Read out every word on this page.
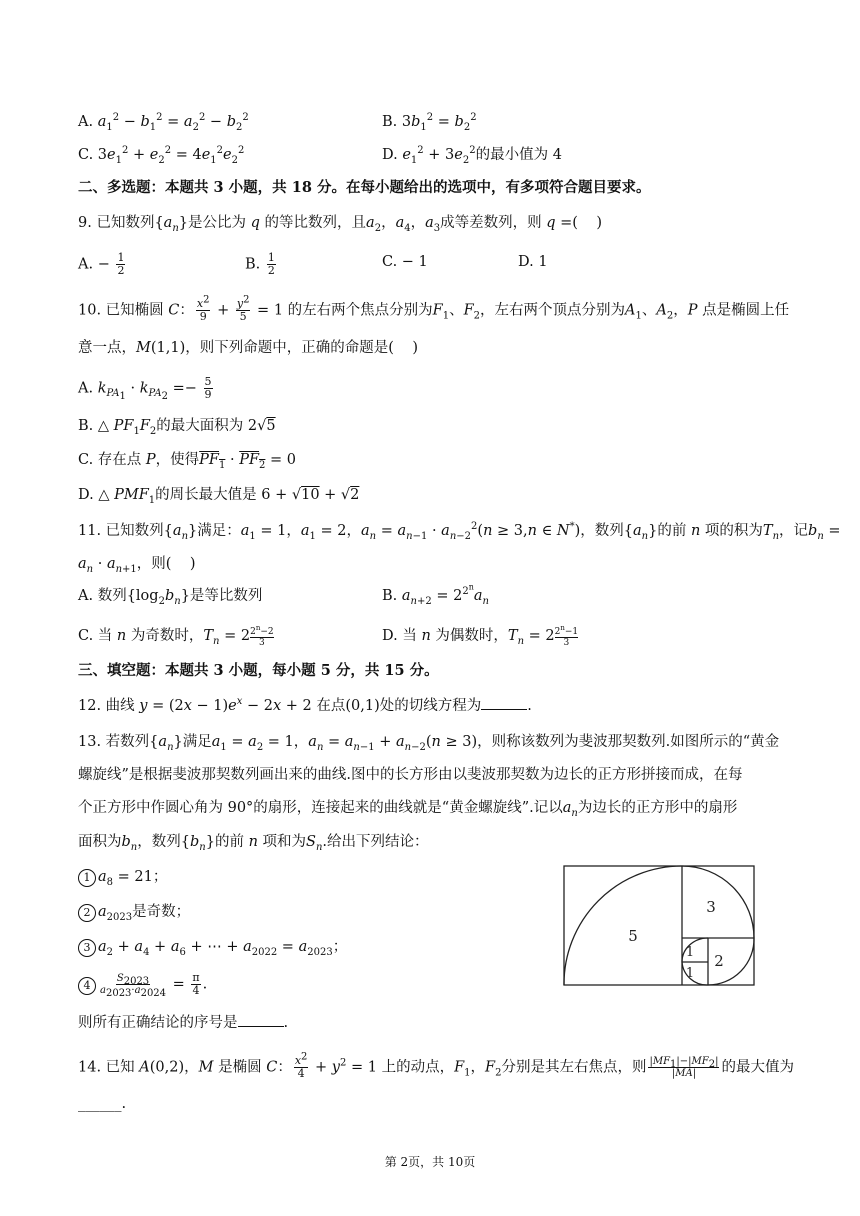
A. $a_1^2 - b_1^2 = a_2^2 - b_2^2$	B. $3b_1^2 = b_2^2$
C. $3e_1^2 + e_2^2 = 4e_1^2e_2^2$	D. $e_1^2 + 3e_2^2$的最小值为 4
二、多选题：本题共 3 小题，共 18 分。在每小题给出的选项中，有多项符合题目要求。
9. 已知数列$\{a_n\}$是公比为 q 的等比数列，且$a_2$，$a_4$，$a_3$成等差数列，则 q =(    )
A. − $\frac{1}{2}$	B. $\frac{1}{2}$	C. − 1	D. 1
10. 已知椭圆 C： $\frac{x^2}{9} + \frac{y^2}{5} = 1$ 的左右两个焦点分别为$F_1$、$F_2$，左右两个顶点分别为$A_1$、$A_2$，P 点是椭圆上任
意一点，M(1,1)，则下列命题中，正确的命题是(    )
A. $k_{PA_1} \cdot k_{PA_2} =- \frac{5}{9}$
B. △ $PF_1F_2$的最大面积为 2√5
C. 存在点 P，使得$PF_1 \cdot PF_2 = 0$
D. △ $PMF_1$的周长最大值是 6 + √10 + √2
11. 已知数列$\{a_n\}$满足：$a_1 = 1$，$a_1 = 2$，$a_n = a_{n-1} \cdot a_{n-2}^2(n \ge 3,n$ ∈ N*)，数列$\{a_n\}$的前 n 项的积为$T_n$，记$b_n$ =
$a_n \cdot a_{n+1}$，则(    )
A. 数列$\{\log_2b_n\}$是等比数列	B. $a_{n+2} = 2^{2^n}a_n$
C. 当 n 为奇数时，$T_n = 2 \frac{2^n-2}{3}$	D. 当 n 为偶数时，$T_n = 2 \frac{2^n-1}{3}$
三、填空题：本题共 3 小题，每小题 5 分，共 15 分。
12. 曲线 $y = (2x - 1)e^x - 2x + 2$ 在点(0,1)处的切线方程为	.
13. 若数列$\{a_n\}$满足$a_1 = a_2 = 1$，$a_n = a_{n-1} + a_{n-2}(n \ge 3)$，则称该数列为斐波那契数列.如图所示的“黄金
螺旋线”是根据斐波那契数列画出来的曲线.图中的长方形由以斐波那契数为边长的正方形拼接而成，在每
个正方形中作圆心角为 90°的扇形，连接起来的曲线就是“黄金螺旋线”.记以$a_n$为边长的正方形中的扇形
面积为$b_n$，数列$\{b_n\}$的前 n 项和为$S_n$.给出下列结论：
1 $a_8 = 21$；
2 $a_{2023}$是奇数；
3 $a_2 + a_4 + a_6$ + ⋯ + $a_{2022} = a_{2023}$；
$4 \frac{S_{2023}}{a_{2023}\cdot a_{2024}} = \frac{\pi}{4}$ .
则所有正确结论的序号是	.
5
3
2
1
1
14. 已知 A(0,2)，M 是椭圆 C： $\frac{x^2}{4} + y^2 = 1$ 上的动点，$F_1$，$F_2$分别是其左右焦点，则 $\frac{|MF_1|-|MF_2|}{|MA|}$ 的最大值为
______.
第 2页，共 10页
